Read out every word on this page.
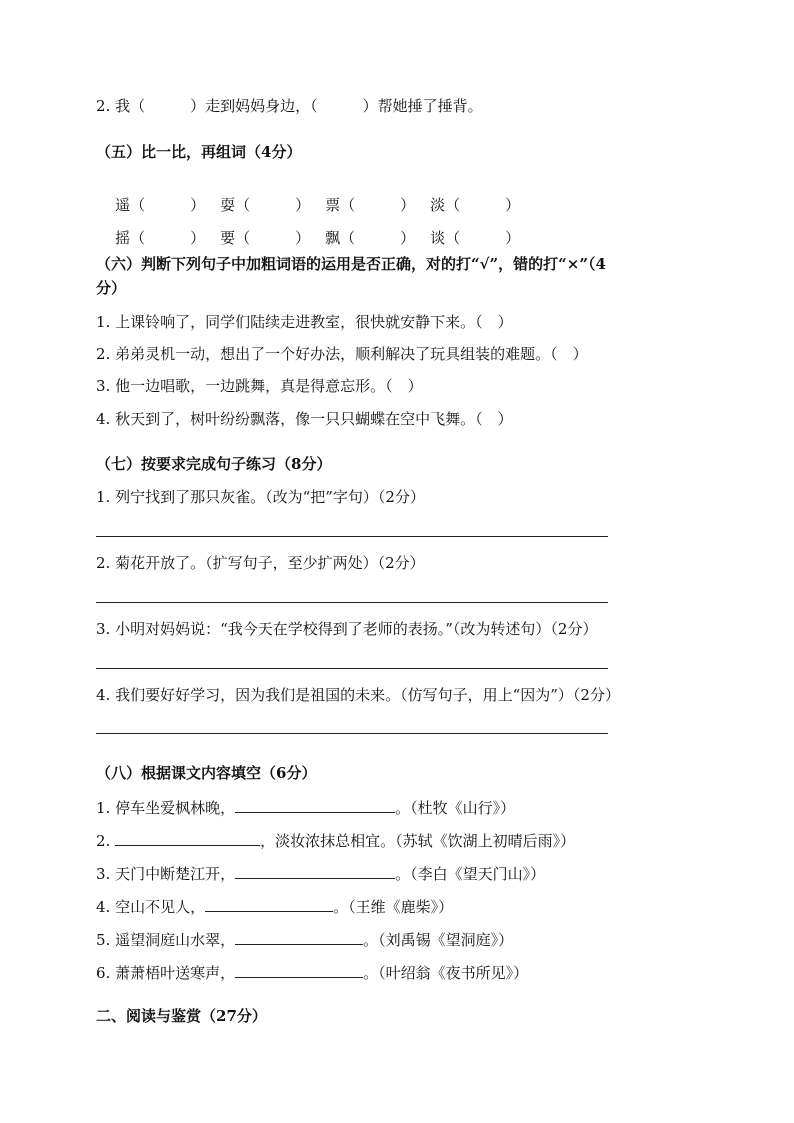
2. 我（　　　）走到妈妈身边，（　　　）帮她捶了捶背。
（五）比一比，再组词（4分）

遥（　　　） 耍（　　　） 票（　　　） 淡（　　　）

摇（　　　） 要（　　　） 飘（　　　） 谈（　　　）

（六）判断下列句子中加粗词语的运用是否正确，对的打“√”，错的打“×”（4
分）
1. 上课铃响了，同学们陆续走进教室，很快就安静下来。（　）
2. 弟弟灵机一动，想出了一个好办法，顺利解决了玩具组装的难题。（　）
3. 他一边唱歌，一边跳舞，真是得意忘形。（　）
4. 秋天到了，树叶纷纷飘落，像一只只蝴蝶在空中飞舞。（　）
（七）按要求完成句子练习（8分）
1. 列宁找到了那只灰雀。（改为“把”字句）（2分）
2. 菊花开放了。（扩写句子，至少扩两处）（2分）
3. 小明对妈妈说：“我今天在学校得到了老师的表扬。”（改为转述句）（2分）
4. 我们要好好学习，因为我们是祖国的未来。（仿写句子，用上“因为”）（2分）
（八）根据课文内容填空（6分）
1. 停车坐爱枫林晚，	。（杜牧《山行》）
2.	，淡妆浓抹总相宜。（苏轼《饮湖上初晴后雨》）
3. 天门中断楚江开，	。（李白《望天门山》）
4. 空山不见人，	。（王维《鹿柴》）
5. 遥望洞庭山水翠，	。（刘禹锡《望洞庭》）
6. 萧萧梧叶送寒声，	。（叶绍翁《夜书所见》）
二、阅读与鉴赏（27分）
